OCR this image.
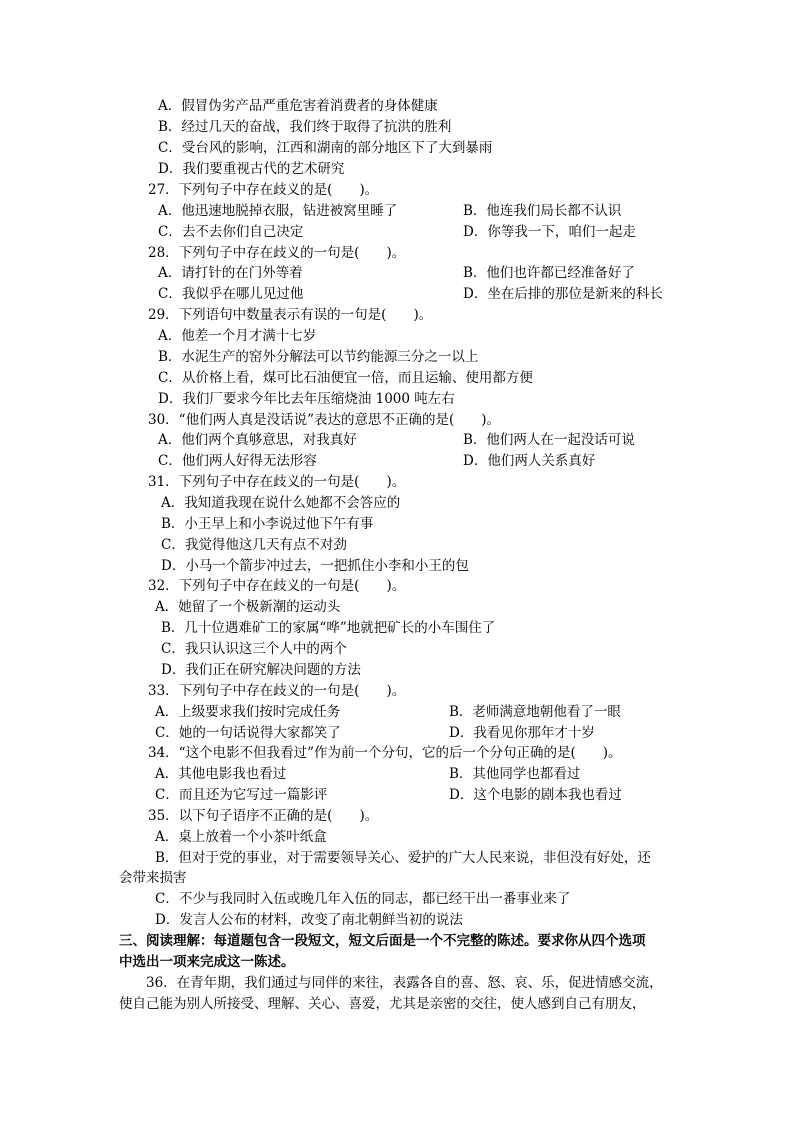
A．假冒伪劣产品严重危害着消费者的身体健康
B．经过几天的奋战，我们终于取得了抗洪的胜利
C．受台风的影响，江西和湖南的部分地区下了大到暴雨
D．我们要重视古代的艺术研究
27．下列句子中存在歧义的是(　　)。
A．他迅速地脱掉衣服，钻进被窝里睡了	B．他连我们局长都不认识
C．去不去你们自己决定	D．你等我一下，咱们一起走
28．下列句子中存在歧义的一句是(　　)。
A．请打针的在门外等着	B．他们也许都已经准备好了
C．我似乎在哪儿见过他	D．坐在后排的那位是新来的科长
29．下列语句中数量表示有误的一句是(　　)。
A．他差一个月才满十七岁
B．水泥生产的窑外分解法可以节约能源三分之一以上
C．从价格上看，煤可比石油便宜一倍，而且运输、使用都方便
D．我们厂要求今年比去年压缩烧油 1000 吨左右
30．“他们两人真是没话说”表达的意思不正确的是(　　)。
A．他们两个真够意思，对我真好	B．他们两人在一起没话可说
C．他们两人好得无法形容	D．他们两人关系真好
31．下列句子中存在歧义的一句是(　　)。
A．我知道我现在说什么她都不会答应的
B．小王早上和小李说过他下午有事
C．我觉得他这几天有点不对劲
D．小马一个箭步冲过去，一把抓住小李和小王的包
32．下列句子中存在歧义的一句是(　　)。
A．她留了一个极新潮的运动头
B．几十位遇难矿工的家属“哗”地就把矿长的小车围住了
C．我只认识这三个人中的两个
D．我们正在研究解决问题的方法
33．下列句子中存在歧义的一句是(　　)。
A．上级要求我们按时完成任务	B．老师满意地朝他看了一眼
C．她的一句话说得大家都笑了	D．我看见你那年才十岁
34．“这个电影不但我看过”作为前一个分句，它的后一个分句正确的是(　　)。
A．其他电影我也看过	B．其他同学也都看过
C．而且还为它写过一篇影评	D．这个电影的剧本我也看过
35．以下句子语序不正确的是(　　)。
A．桌上放着一个小茶叶纸盒
B．但对于党的事业，对于需要领导关心、爱护的广大人民来说，非但没有好处，还
会带来损害
C．不少与我同时入伍或晚几年入伍的同志，都已经干出一番事业来了
D．发言人公布的材料，改变了南北朝鲜当初的说法
三、阅读理解：每道题包含一段短文，短文后面是一个不完整的陈述。要求你从四个选项
中选出一项来完成这一陈述。
36．在青年期，我们通过与同伴的来往，表露各自的喜、怒、哀、乐，促进情感交流，
使自己能为别人所接受、理解、关心、喜爱，尤其是亲密的交往，使人感到自己有朋友，
